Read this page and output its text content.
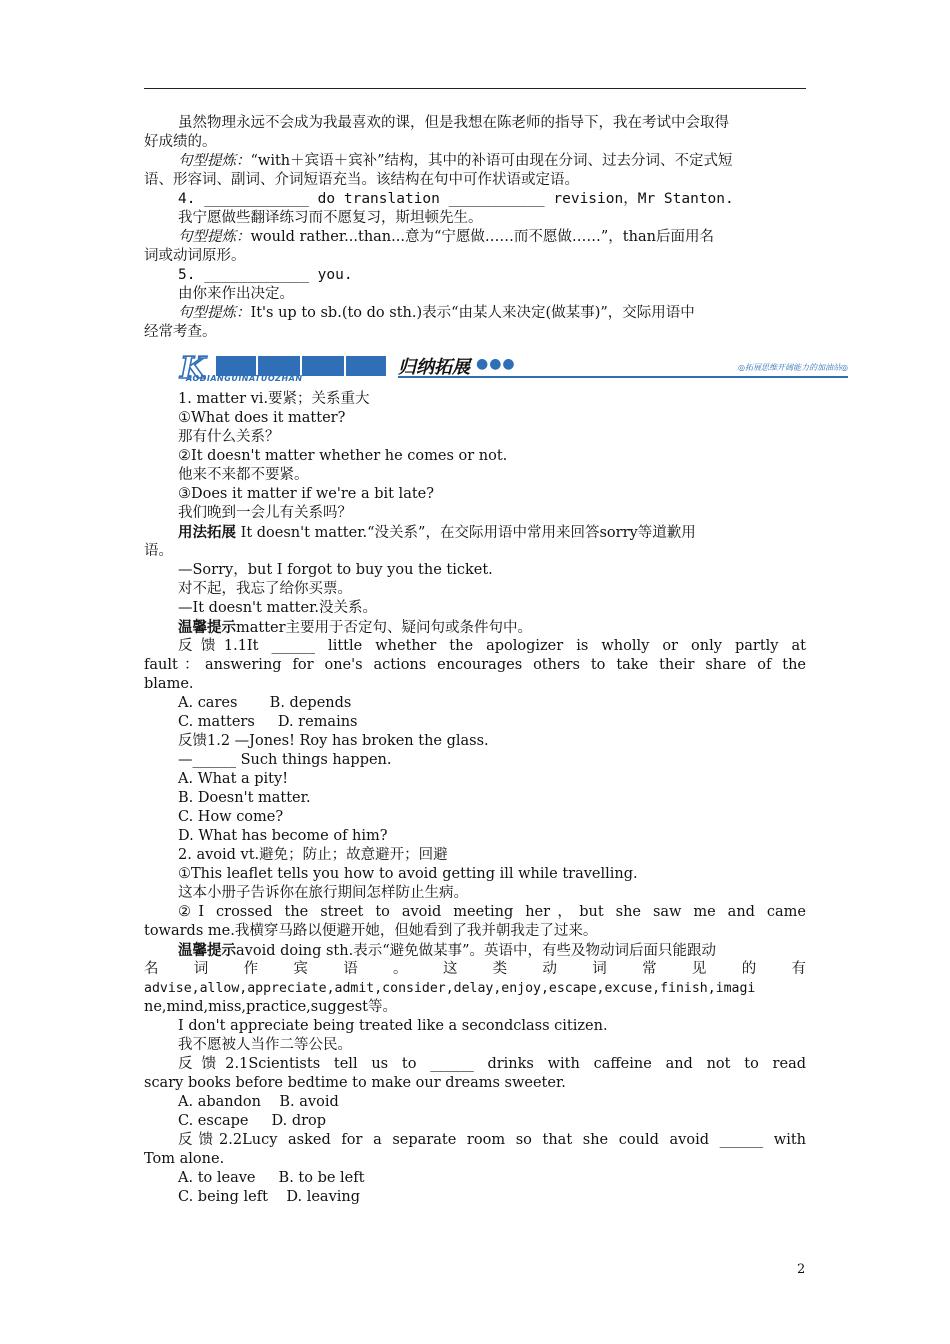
虽然物理永远不会成为我最喜欢的课，但是我想在陈老师的指导下，我在考试中会取得
好成绩的。
句型提炼：“with＋宾语＋宾补”结构，其中的补语可由现在分词、过去分词、不定式短
语、形容词、副词、介词短语充当。该结构在句中可作状语或定语。
4. ____________ do translation ___________ revision，Mr Stanton.
我宁愿做些翻译练习而不愿复习，斯坦顿先生。
句型提炼：would rather...than...意为“宁愿做……而不愿做……”，than后面用名
词或动词原形。
5. ____________ you.
由你来作出决定。
句型提炼：It's up to sb.(to do sth.)表示“由某人来决定(做某事)”，交际用语中
经常考查。
1. matter vi.要紧；关系重大
①What does it matter?
那有什么关系？
②It doesn't matter whether he comes or not.
他来不来都不要紧。
③Does it matter if we're a bit late?
我们晚到一会儿有关系吗？
用法拓展 It doesn't matter.“没关系”，在交际用语中常用来回答sorry等道歉用
语。
—Sorry，but I forgot to buy you the ticket.
对不起，我忘了给你买票。
—It doesn't matter.没关系。
温馨提示matter主要用于否定句、疑问句或条件句中。
反馈1.1It ______ little whether the apologizer is wholly or only partly at
fault：answering for one's actions encourages others to take their share of the
blame.
A. cares       B. depends
C. matters     D. remains
反馈1.2 —Jones! Roy has broken the glass.
—______ Such things happen.
A. What a pity!
B. Doesn't matter.
C. How come?
D. What has become of him?
2. avoid vt.避免；防止；故意避开；回避
①This leaflet tells you how to avoid getting ill while travelling.
这本小册子告诉你在旅行期间怎样防止生病。
②I crossed the street to avoid meeting her，but she saw me and came
towards me.我横穿马路以便避开她，但她看到了我并朝我走了过来。
温馨提示avoid doing sth.表示“避免做某事”。英语中，有些及物动词后面只能跟动
名 词 作 宾 语 。 这 类 动 词 常 见 的 有
advise,allow,appreciate,admit,consider,delay,enjoy,escape,excuse,finish,imagi
ne,mind,miss,practice,suggest等。
I don't appreciate being treated like a secondclass citizen.
我不愿被人当作二等公民。
反馈2.1Scientists tell us to ______ drinks with caffeine and not to read
scary books before bedtime to make our dreams sweeter.
A. abandon    B. avoid
C. escape     D. drop
反馈2.2Lucy asked for a separate room so that she could avoid ______ with
Tom alone.
A. to leave     B. to be left
C. being left    D. leaving
K	归纳拓展 ●●●
AODIANGUINATUOZHAN
◎拓展思维开阔能力的加油站◎
2
